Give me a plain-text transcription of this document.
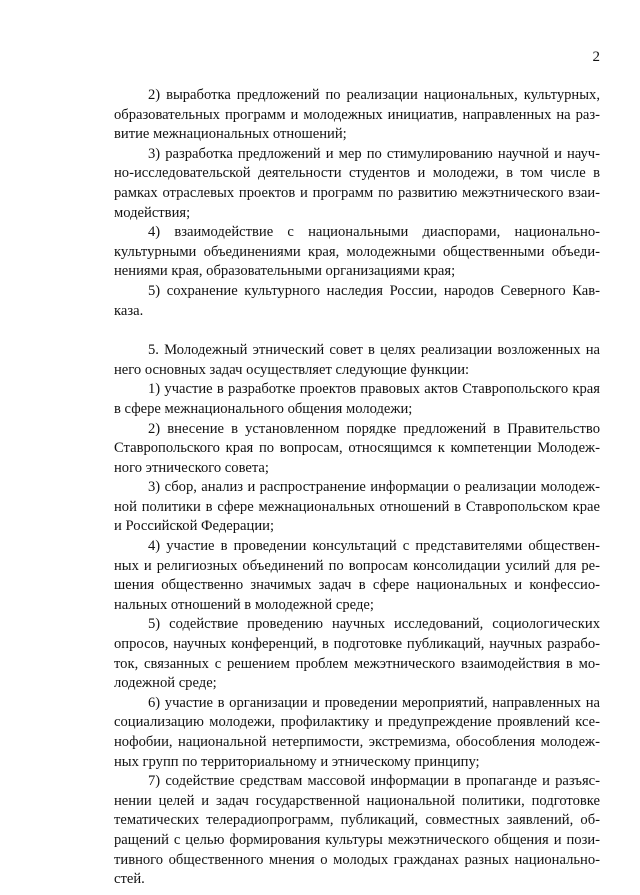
2
2) выработка предложений по реализации национальных, культурных,
образовательных программ и молодежных инициатив, направленных на раз-
витие межнациональных отношений;
3) разработка предложений и мер по стимулированию научной и науч-
но-исследовательской деятельности студентов и молодежи, в том числе в
рамках отраслевых проектов и программ по развитию межэтнического взаи-
модействия;
4) взаимодействие с национальными диаспорами, национально-
культурными объединениями края, молодежными общественными объеди-
нениями края, образовательными организациями края;
5) сохранение культурного наследия России, народов Северного Кав-
каза.
5. Молодежный этнический совет в целях реализации возложенных на
него основных задач осуществляет следующие функции:
1) участие в разработке проектов правовых актов Ставропольского края
в сфере межнационального общения молодежи;
2) внесение в установленном порядке предложений в Правительство
Ставропольского края по вопросам, относящимся к компетенции Молодеж-
ного этнического совета;
3) сбор, анализ и распространение информации о реализации молодеж-
ной политики в сфере межнациональных отношений в Ставропольском крае
и Российской Федерации;
4) участие в проведении консультаций с представителями обществен-
ных и религиозных объединений по вопросам консолидации усилий для ре-
шения общественно значимых задач в сфере национальных и конфессио-
нальных отношений в молодежной среде;
5) содействие проведению научных исследований, социологических
опросов, научных конференций, в подготовке публикаций, научных разрабо-
ток, связанных с решением проблем межэтнического взаимодействия в мо-
лодежной среде;
6) участие в организации и проведении мероприятий, направленных на
социализацию молодежи, профилактику и предупреждение проявлений ксе-
нофобии, национальной нетерпимости, экстремизма, обособления молодеж-
ных групп по территориальному и этническому принципу;
7) содействие средствам массовой информации в пропаганде и разъяс-
нении целей и задач государственной национальной политики, подготовке
тематических телерадиопрограмм, публикаций, совместных заявлений, об-
ращений с целью формирования культуры межэтнического общения и пози-
тивного общественного мнения о молодых гражданах разных национально-
стей.
